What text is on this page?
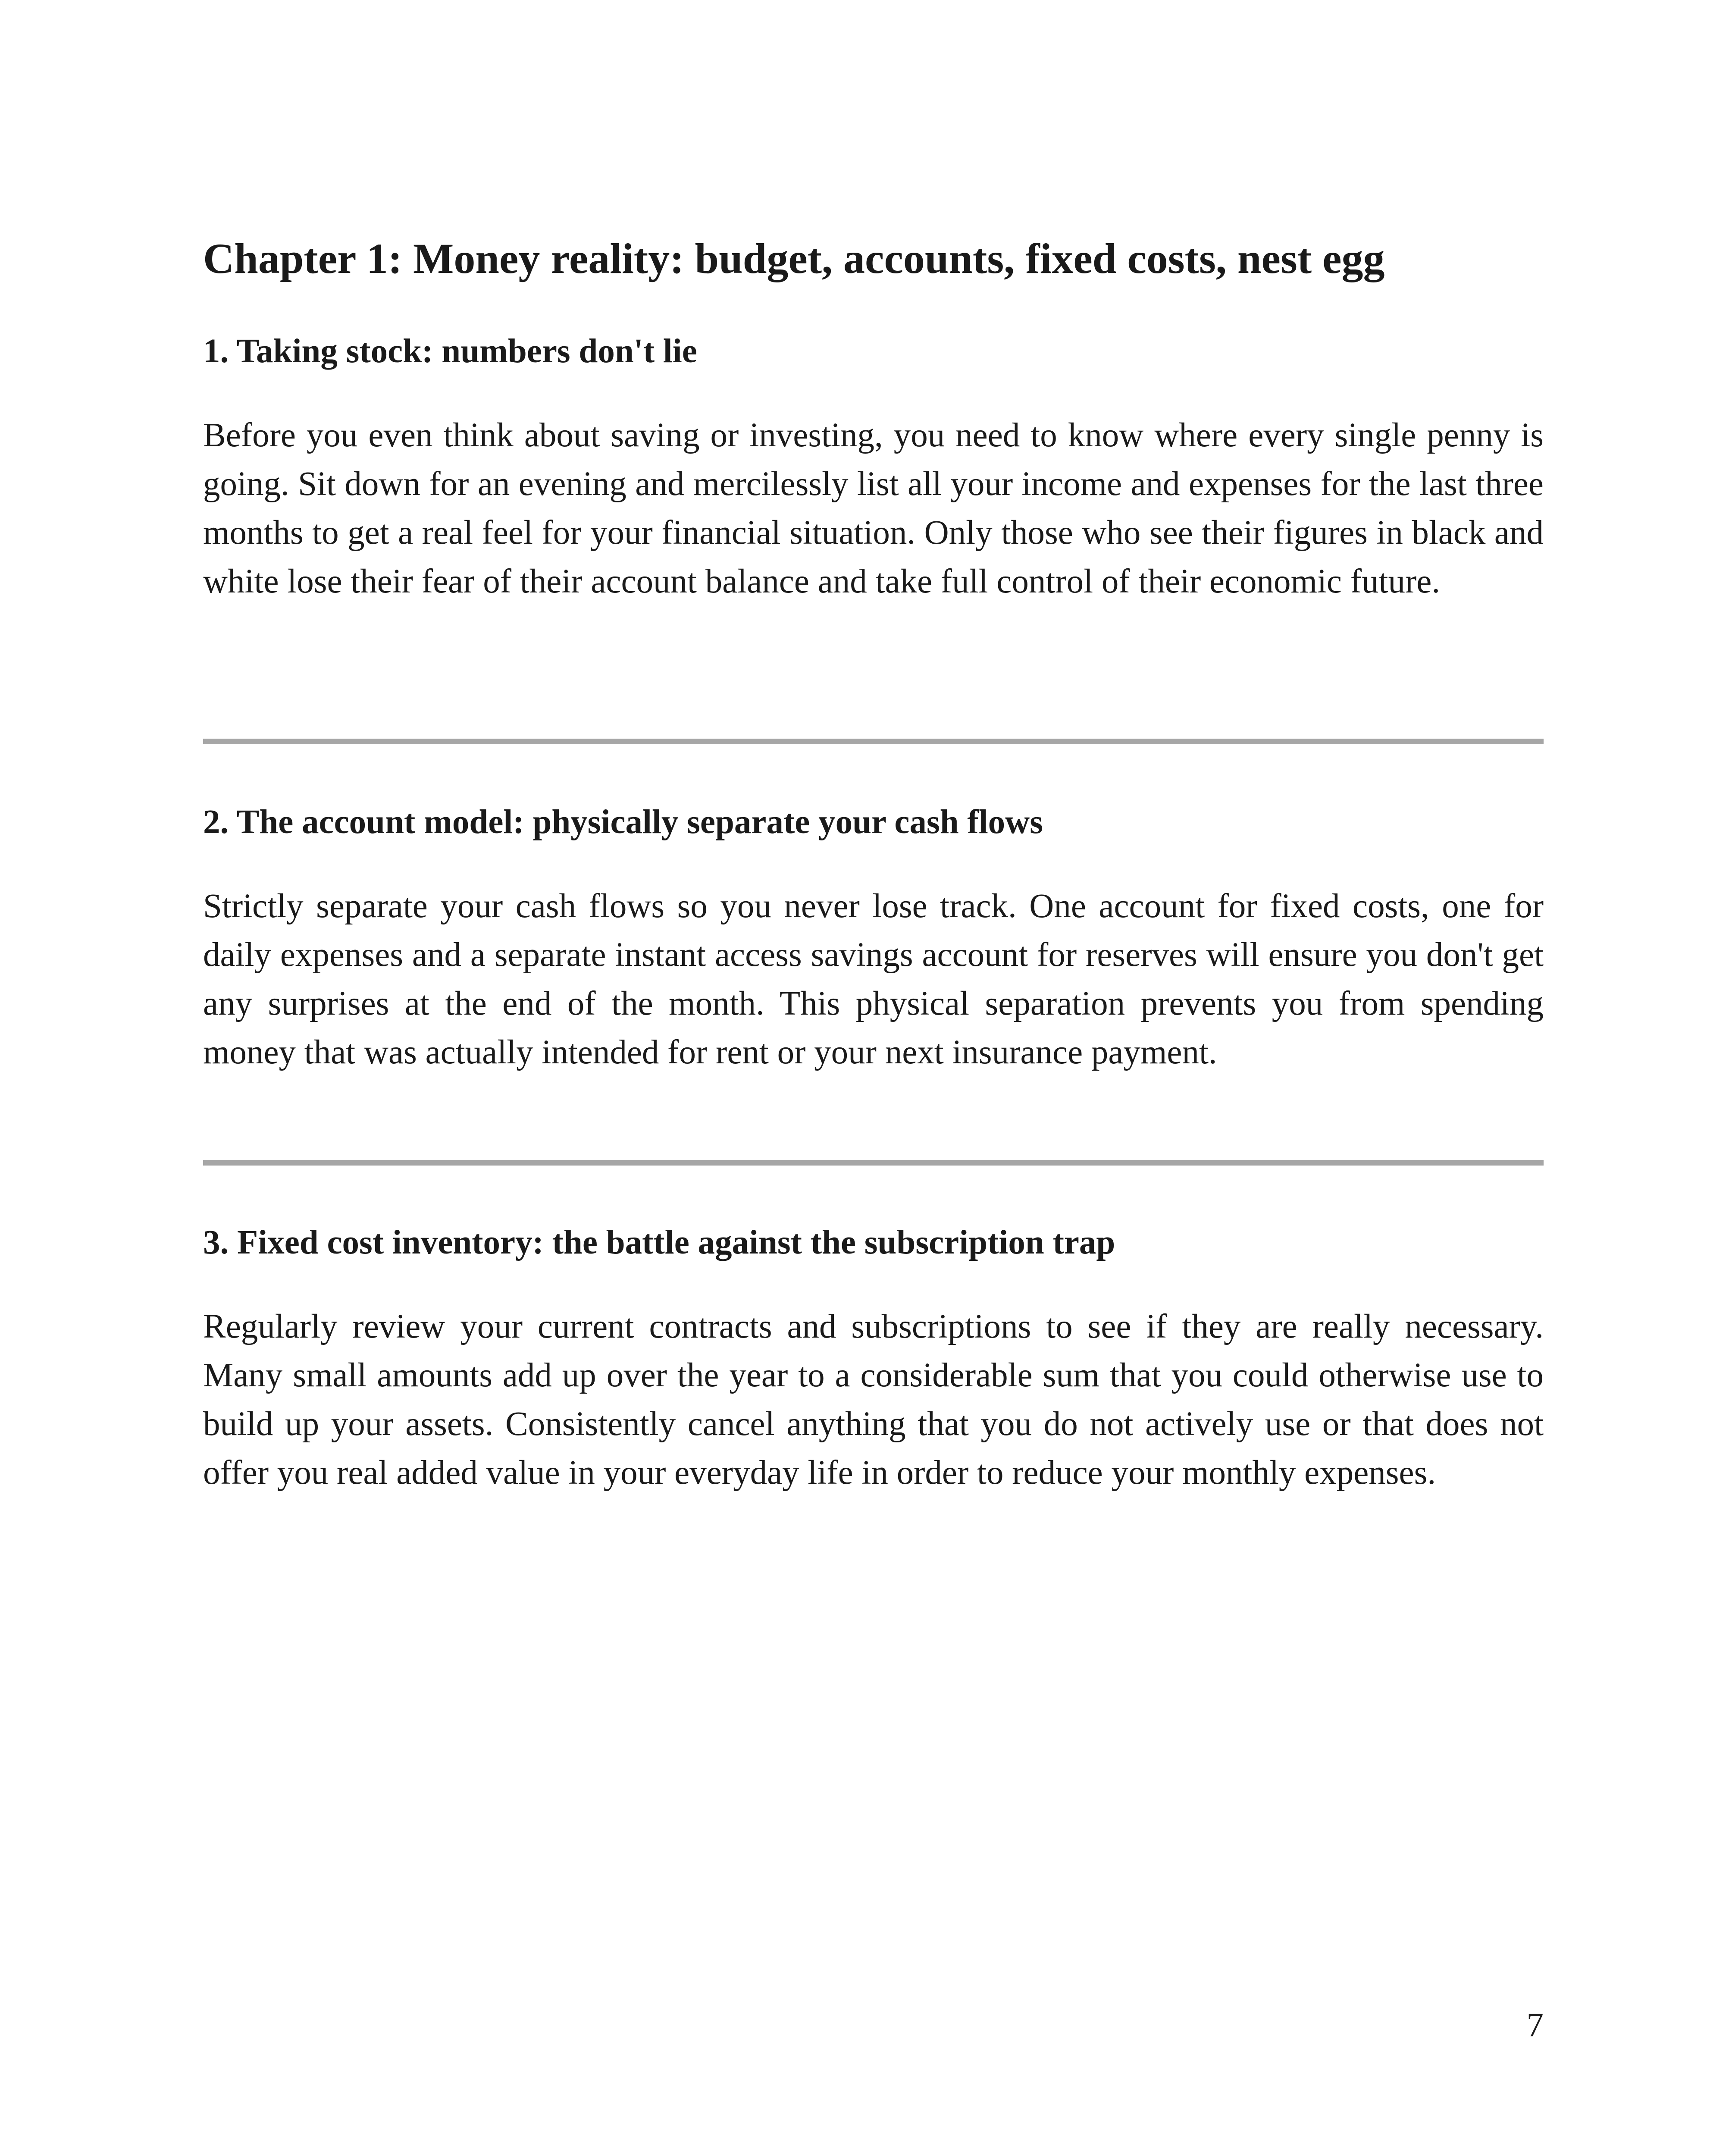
Chapter 1: Money reality: budget, accounts, fixed costs, nest egg
1. Taking stock: numbers don't lie

Before you even think about saving or investing, you need to know where every single penny is going. Sit down for an evening and mercilessly list all your income and expenses for the last three months to get a real feel for your financial situation. Only those who see their figures in black and white lose their fear of their account balance and take full control of their economic future.

2. The account model: physically separate your cash flows

Strictly separate your cash flows so you never lose track. One account for fixed costs, one for daily expenses and a separate instant access savings account for reserves will ensure you don't get any surprises at the end of the month. This physical separation prevents you from spending money that was actually intended for rent or your next insurance payment.

3. Fixed cost inventory: the battle against the subscription trap

Regularly review your current contracts and subscriptions to see if they are really necessary. Many small amounts add up over the year to a considerable sum that you could otherwise use to build up your assets. Consistently cancel anything that you do not actively use or that does not offer you real added value in your everyday life in order to reduce your monthly expenses.

7
